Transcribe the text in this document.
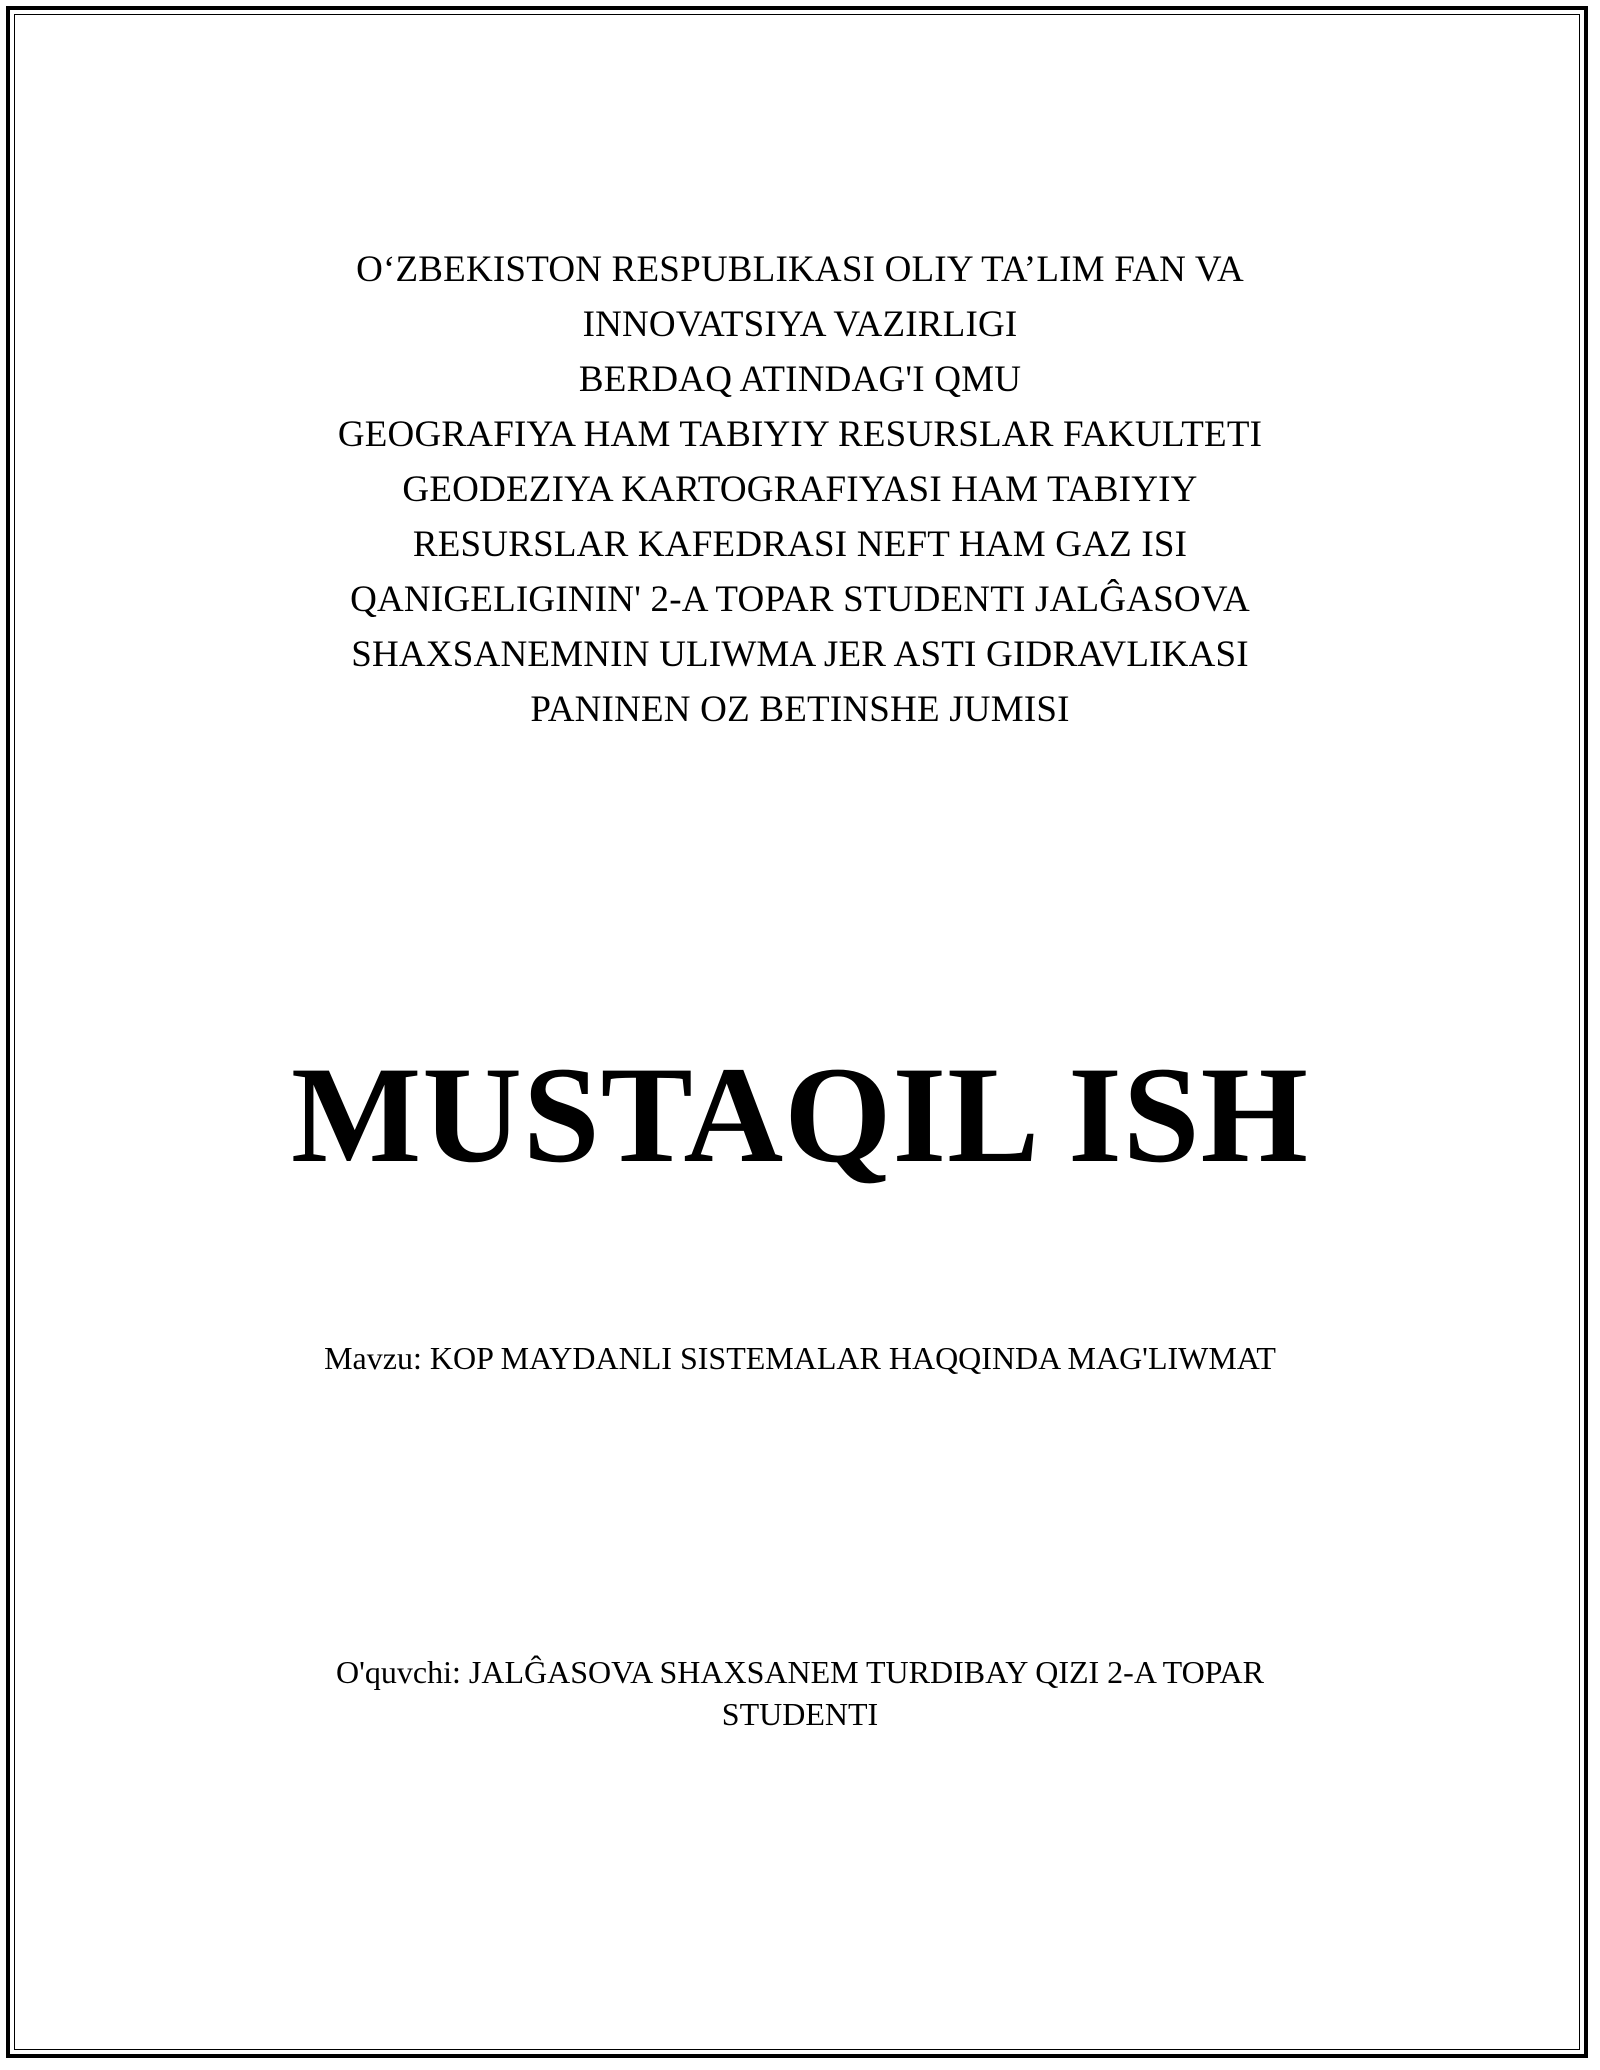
O‘ZBEKISTON RESPUBLIKASI OLIY TA’LIM FAN VA
INNOVATSIYA VAZIRLIGI
BERDAQ ATINDAG'I QMU
GEOGRAFIYA HAM TABIYIY RESURSLAR FAKULTETI
GEODEZIYA KARTOGRAFIYASI HAM TABIYIY
RESURSLAR KAFEDRASI NEFT HAM GAZ ISI
QANIGELIGININ' 2-A TOPAR STUDENTI JALĜASOVA
SHAXSANEMNIN ULIWMA JER ASTI GIDRAVLIKASI
PANINEN OZ BETINSHE JUMISI
MUSTAQIL ISH
Mavzu: KOP MAYDANLI SISTEMALAR HAQQINDA MAG'LIWMAT
O'quvchi: JALĜASOVA SHAXSANEM TURDIBAY QIZI 2-A TOPAR
STUDENTI
